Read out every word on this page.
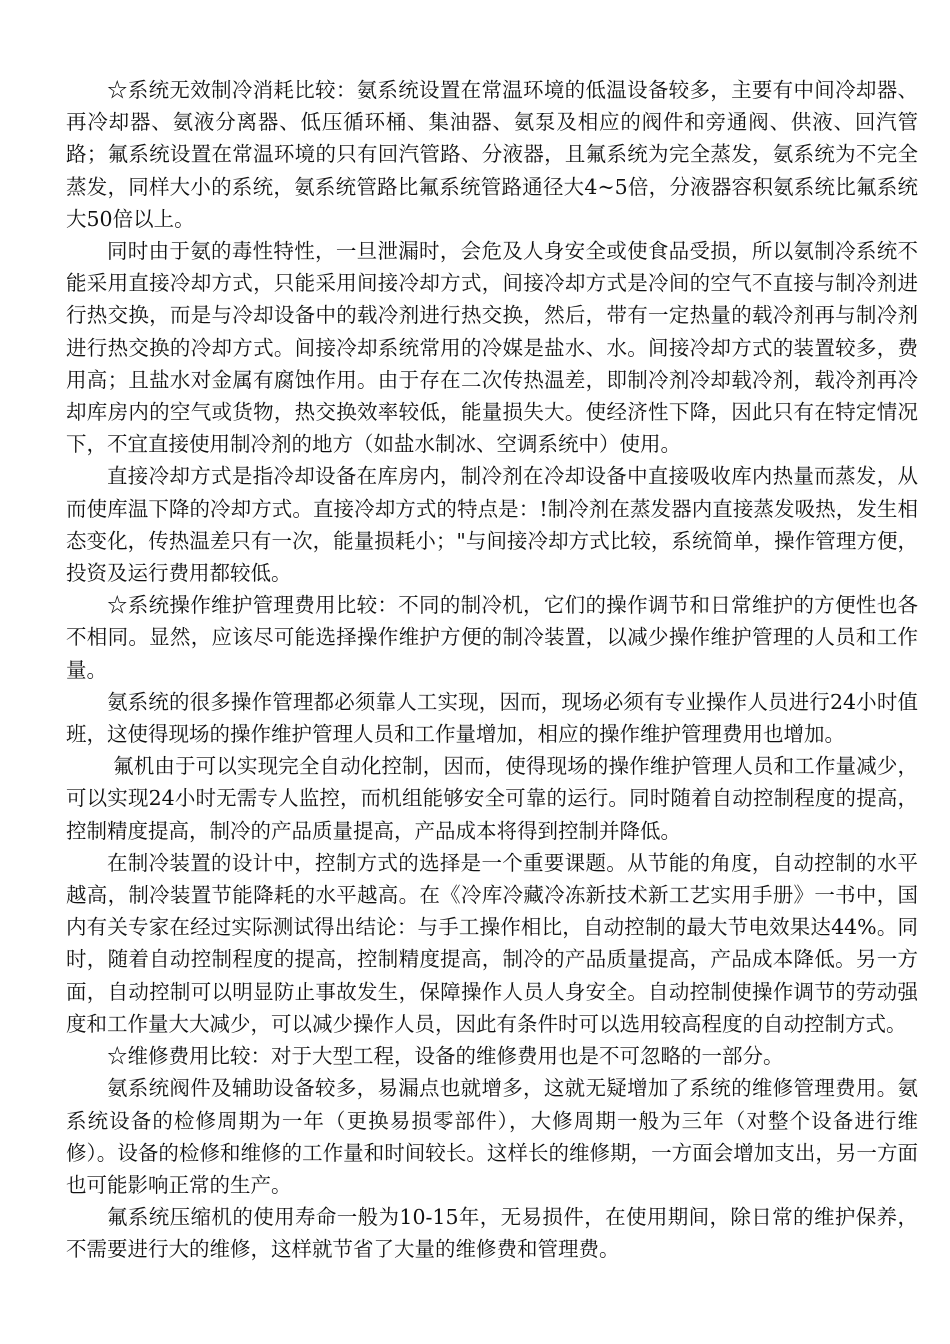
☆系统无效制冷消耗比较：氨系统设置在常温环境的低温设备较多，主要有中间冷却器、再冷却器、氨液分离器、低压循环桶、集油器、氨泵及相应的阀件和旁通阀、供液、回汽管路；氟系统设置在常温环境的只有回汽管路、分液器，且氟系统为完全蒸发，氨系统为不完全蒸发，同样大小的系统，氨系统管路比氟系统管路通径大4~5倍，分液器容积氨系统比氟系统大50倍以上。

同时由于氨的毒性特性，一旦泄漏时，会危及人身安全或使食品受损，所以氨制冷系统不能采用直接冷却方式，只能采用间接冷却方式，间接冷却方式是冷间的空气不直接与制冷剂进行热交换，而是与冷却设备中的载冷剂进行热交换，然后，带有一定热量的载冷剂再与制冷剂进行热交换的冷却方式。间接冷却系统常用的冷媒是盐水、水。间接冷却方式的装置较多，费用高；且盐水对金属有腐蚀作用。由于存在二次传热温差，即制冷剂冷却载冷剂，载冷剂再冷却库房内的空气或货物，热交换效率较低，能量损失大。使经济性下降，因此只有在特定情况下，不宜直接使用制冷剂的地方（如盐水制冰、空调系统中）使用。

直接冷却方式是指冷却设备在库房内，制冷剂在冷却设备中直接吸收库内热量而蒸发，从而使库温下降的冷却方式。直接冷却方式的特点是：!制冷剂在蒸发器内直接蒸发吸热，发生相态变化，传热温差只有一次，能量损耗小；"与间接冷却方式比较，系统简单，操作管理方便，投资及运行费用都较低。

☆系统操作维护管理费用比较：不同的制冷机，它们的操作调节和日常维护的方便性也各不相同。显然，应该尽可能选择操作维护方便的制冷装置，以减少操作维护管理的人员和工作量。

氨系统的很多操作管理都必须靠人工实现，因而，现场必须有专业操作人员进行24小时值班，这使得现场的操作维护管理人员和工作量增加，相应的操作维护管理费用也增加。

氟机由于可以实现完全自动化控制，因而，使得现场的操作维护管理人员和工作量减少，可以实现24小时无需专人监控，而机组能够安全可靠的运行。同时随着自动控制程度的提高，控制精度提高，制冷的产品质量提高，产品成本将得到控制并降低。

在制冷装置的设计中，控制方式的选择是一个重要课题。从节能的角度，自动控制的水平越高，制冷装置节能降耗的水平越高。在《冷库冷藏冷冻新技术新工艺实用手册》一书中，国内有关专家在经过实际测试得出结论：与手工操作相比，自动控制的最大节电效果达44%。同时，随着自动控制程度的提高，控制精度提高，制冷的产品质量提高，产品成本降低。另一方面，自动控制可以明显防止事故发生，保障操作人员人身安全。自动控制使操作调节的劳动强度和工作量大大减少，可以减少操作人员，因此有条件时可以选用较高程度的自动控制方式。

☆维修费用比较：对于大型工程，设备的维修费用也是不可忽略的一部分。

氨系统阀件及辅助设备较多，易漏点也就增多，这就无疑增加了系统的维修管理费用。氨系统设备的检修周期为一年（更换易损零部件），大修周期一般为三年（对整个设备进行维修）。设备的检修和维修的工作量和时间较长。这样长的维修期，一方面会增加支出，另一方面也可能影响正常的生产。

氟系统压缩机的使用寿命一般为10-15年，无易损件，在使用期间，除日常的维护保养，不需要进行大的维修，这样就节省了大量的维修费和管理费。
